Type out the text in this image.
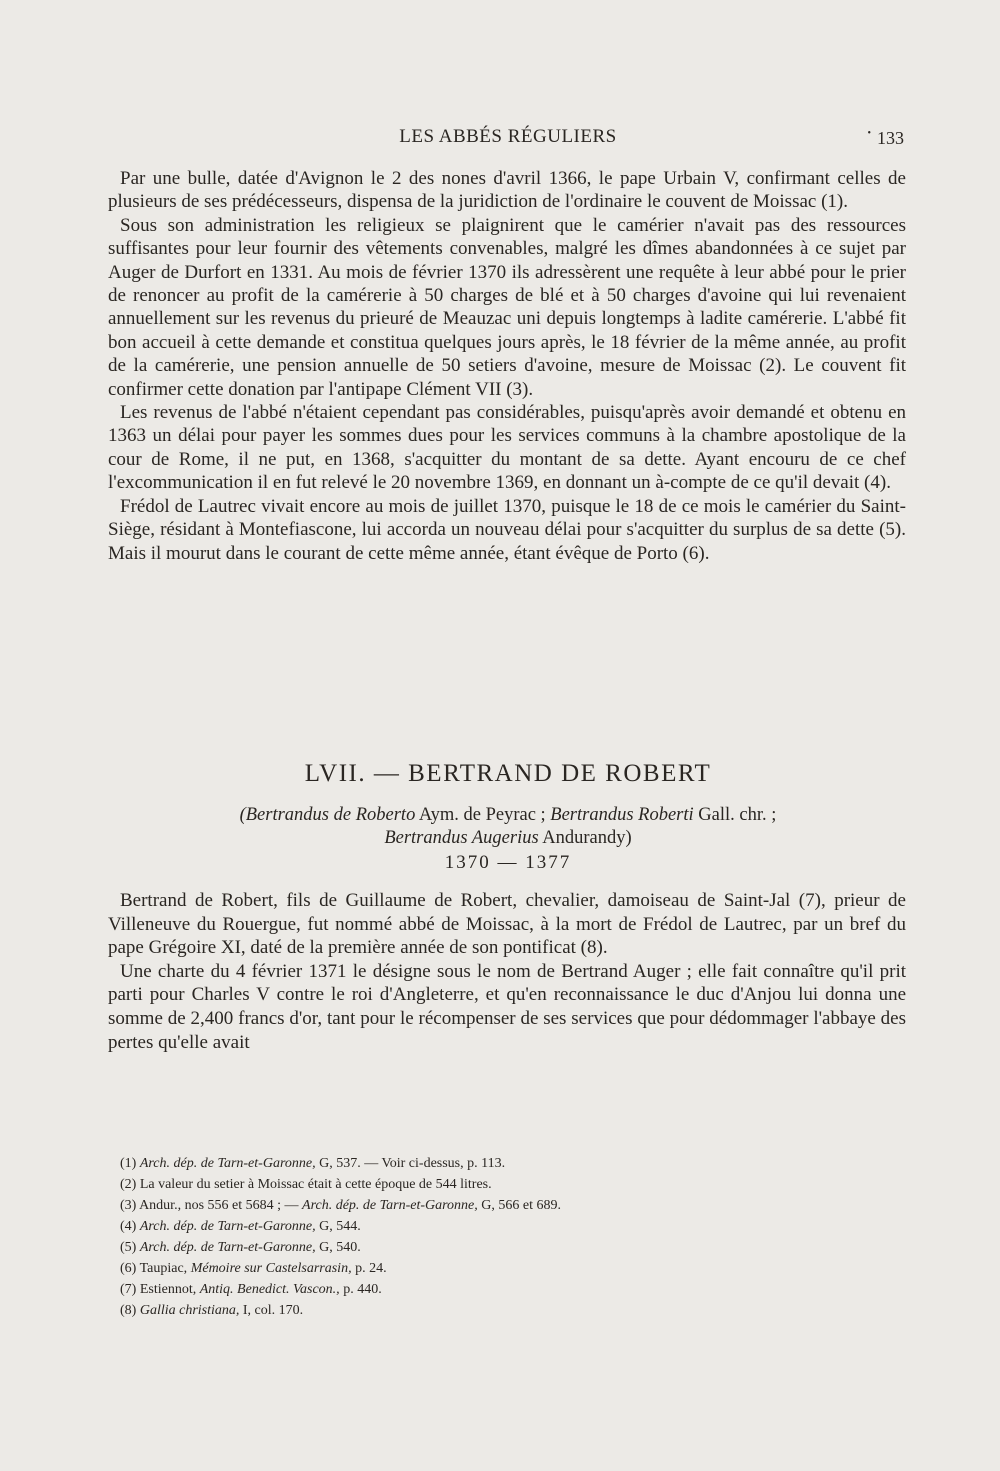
LES ABBÉS RÉGULIERS	• 133

Par une bulle, datée d'Avignon le 2 des nones d'avril 1366, le pape Urbain V, confirmant celles de plusieurs de ses prédécesseurs, dispensa de la juridiction de l'ordinaire le couvent de Moissac (1).

Sous son administration les religieux se plaignirent que le camérier n'avait pas des ressources suffisantes pour leur fournir des vêtements convenables, malgré les dîmes abandonnées à ce sujet par Auger de Durfort en 1331. Au mois de février 1370 ils adressèrent une requête à leur abbé pour le prier de renoncer au profit de la camérerie à 50 charges de blé et à 50 charges d'avoine qui lui revenaient annuellement sur les revenus du prieuré de Meauzac uni depuis longtemps à ladite camérerie. L'abbé fit bon accueil à cette demande et constitua quelques jours après, le 18 février de la même année, au profit de la camérerie, une pension annuelle de 50 setiers d'avoine, mesure de Moissac (2). Le couvent fit confirmer cette donation par l'antipape Clément VII (3).

Les revenus de l'abbé n'étaient cependant pas considérables, puisqu'après avoir demandé et obtenu en 1363 un délai pour payer les sommes dues pour les services communs à la chambre apostolique de la cour de Rome, il ne put, en 1368, s'acquitter du montant de sa dette. Ayant encouru de ce chef l'excommunication il en fut relevé le 20 novembre 1369, en donnant un à-compte de ce qu'il devait (4).

Frédol de Lautrec vivait encore au mois de juillet 1370, puisque le 18 de ce mois le camérier du Saint-Siège, résidant à Montefiascone, lui accorda un nouveau délai pour s'acquitter du surplus de sa dette (5). Mais il mourut dans le courant de cette même année, étant évêque de Porto (6).

LVII. — BERTRAND DE ROBERT
(Bertrandus de Roberto Aym. de Peyrac ; Bertrandus Roberti Gall. chr. ;
Bertrandus Augerius Andurandy)
1370 — 1377

Bertrand de Robert, fils de Guillaume de Robert, chevalier, damoiseau de Saint-Jal (7), prieur de Villeneuve du Rouergue, fut nommé abbé de Moissac, à la mort de Frédol de Lautrec, par un bref du pape Grégoire XI, daté de la première année de son pontificat (8).

Une charte du 4 février 1371 le désigne sous le nom de Bertrand Auger ; elle fait connaître qu'il prit parti pour Charles V contre le roi d'Angleterre, et qu'en reconnaissance le duc d'Anjou lui donna une somme de 2,400 francs d'or, tant pour le récompenser de ses services que pour dédommager l'abbaye des pertes qu'elle avait

(1) Arch. dép. de Tarn-et-Garonne, G, 537. — Voir ci-dessus, p. 113.
(2) La valeur du setier à Moissac était à cette époque de 544 litres.
(3) Andur., nos 556 et 5684 ; — Arch. dép. de Tarn-et-Garonne, G, 566 et 689.
(4) Arch. dép. de Tarn-et-Garonne, G, 544.
(5) Arch. dép. de Tarn-et-Garonne, G, 540.
(6) Taupiac, Mémoire sur Castelsarrasin, p. 24.
(7) Estiennot, Antiq. Benedict. Vascon., p. 440.
(8) Gallia christiana, I, col. 170.
